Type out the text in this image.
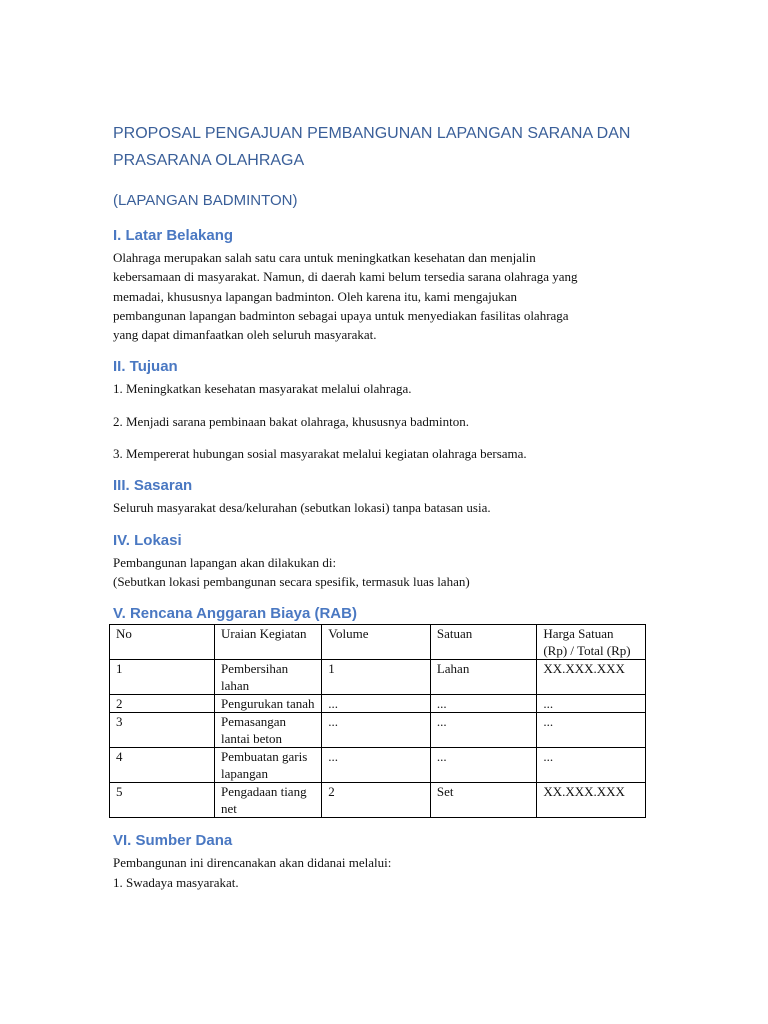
PROPOSAL PENGAJUAN PEMBANGUNAN LAPANGAN SARANA DAN
PRASARANA OLAHRAGA

(LAPANGAN BADMINTON)

I. Latar Belakang

Olahraga merupakan salah satu cara untuk meningkatkan kesehatan dan menjalin
kebersamaan di masyarakat. Namun, di daerah kami belum tersedia sarana olahraga yang
memadai, khususnya lapangan badminton. Oleh karena itu, kami mengajukan
pembangunan lapangan badminton sebagai upaya untuk menyediakan fasilitas olahraga
yang dapat dimanfaatkan oleh seluruh masyarakat.

II. Tujuan

1. Meningkatkan kesehatan masyarakat melalui olahraga.

2. Menjadi sarana pembinaan bakat olahraga, khususnya badminton.

3. Mempererat hubungan sosial masyarakat melalui kegiatan olahraga bersama.

III. Sasaran

Seluruh masyarakat desa/kelurahan (sebutkan lokasi) tanpa batasan usia.

IV. Lokasi

Pembangunan lapangan akan dilakukan di:
(Sebutkan lokasi pembangunan secara spesifik, termasuk luas lahan)

V. Rencana Anggaran Biaya (RAB)
No	Uraian Kegiatan	Volume	Satuan	Harga Satuan (Rp) / Total (Rp)
1	Pembersihan lahan	1	Lahan	XX.XXX.XXX
2	Pengurukan tanah	...	...	...
3	Pemasangan lantai beton	...	...	...
4	Pembuatan garis lapangan	...	...	...
5	Pengadaan tiang net	2	Set	XX.XXX.XXX
VI. Sumber Dana

Pembangunan ini direncanakan akan didanai melalui:
1. Swadaya masyarakat.
